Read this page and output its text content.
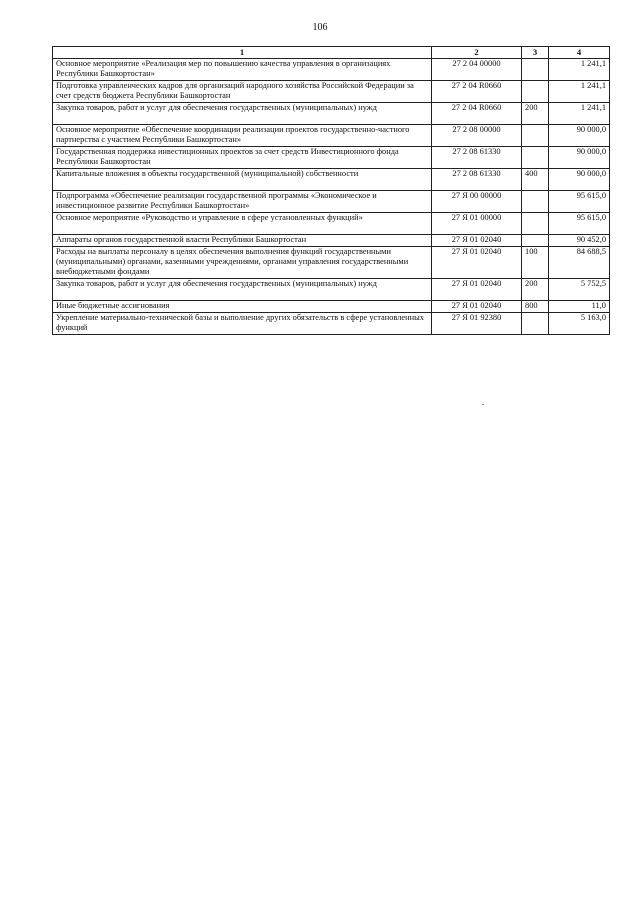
106
1	2	3	4
Основное мероприятие «Реализация мер по повышению качества управления в организациях Республики Башкортостан»	27 2 04 00000		1 241,1
Подготовка управленческих кадров для организаций народного хозяйства Российской Федерации за счет средств бюджета Республики Башкортостан	27 2 04 R0660		1 241,1
Закупка товаров, работ и услуг для обеспечения государственных (муниципальных) нужд	27 2 04 R0660	200	1 241,1
Основное мероприятие «Обеспечение координации реализации проектов государственно-частного партнерства с участием Республики Башкортостан»	27 2 08 00000		90 000,0
Государственная поддержка инвестиционных проектов за счет средств Инвестиционного фонда Республики Башкортостан	27 2 08 61330		90 000,0
Капитальные вложения в объекты государственной (муниципальной) собственности	27 2 08 61330	400	90 000,0
Подпрограмма «Обеспечение реализации государственной программы «Экономическое и инвестиционное развитие Республики Башкортостан»	27 Я 00 00000		95 615,0
Основное мероприятие «Руководство и управление в сфере установленных функций»	27 Я 01 00000		95 615,0
Аппараты органов государственной власти Республики Башкортостан	27 Я 01 02040		90 452,0
Расходы на выплаты персоналу в целях обеспечения выполнения функций государственными (муниципальными) органами, казенными учреждениями, органами управления государственными внебюджетными фондами	27 Я 01 02040	100	84 688,5
Закупка товаров, работ и услуг для обеспечения государственных (муниципальных) нужд	27 Я 01 02040	200	5 752,5
Иные бюджетные ассигнования	27 Я 01 02040	800	11,0
Укрепление материально-технической базы и выполнение других обязательств в сфере установленных функций	27 Я 01 92380		5 163,0
